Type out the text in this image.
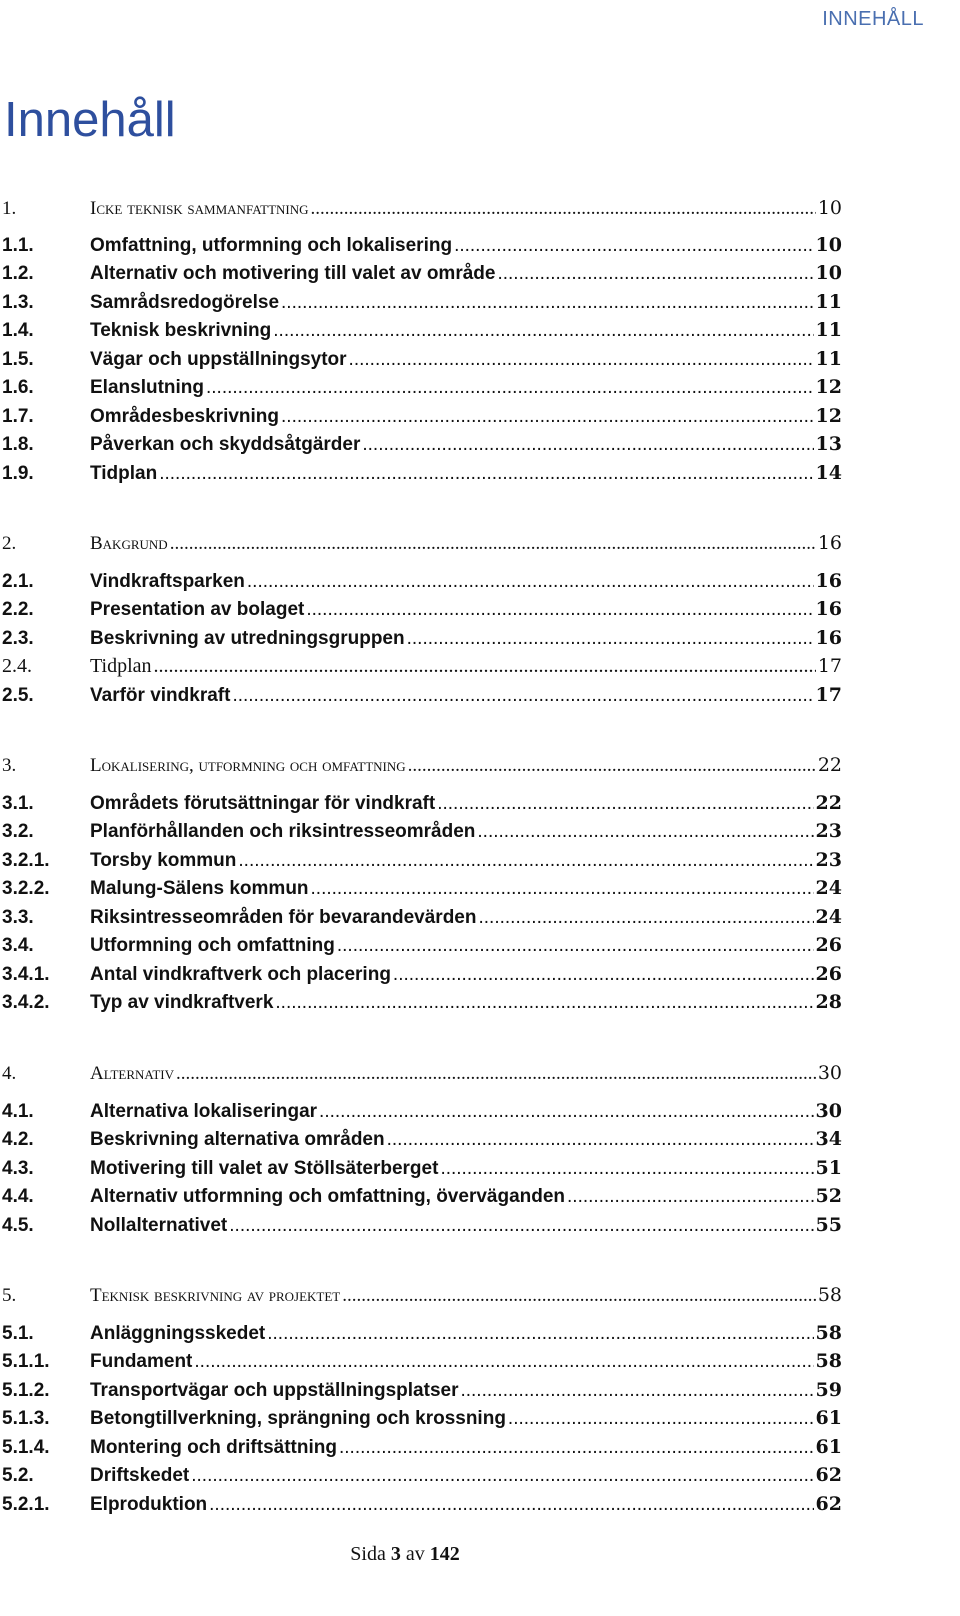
INNEHÅLL
Innehåll
1.	Icke teknisk sammanfattning .....	10
1.1.	Omfattning, utformning och lokalisering .....	10
1.2.	Alternativ och motivering till valet av område .....	10
1.3.	Samrådsredogörelse .....	11
1.4.	Teknisk beskrivning .....	11
1.5.	Vägar och uppställningsytor .....	11
1.6.	Elanslutning .....	12
1.7.	Områdesbeskrivning .....	12
1.8.	Påverkan och skyddsåtgärder .....	13
1.9.	Tidplan .....	14
2.	Bakgrund .....	16
2.1.	Vindkraftsparken .....	16
2.2.	Presentation av bolaget .....	16
2.3.	Beskrivning av utredningsgruppen .....	16
2.4.	Tidplan .....	17
2.5.	Varför vindkraft .....	17
3.	Lokalisering, utformning och omfattning .....	22
3.1.	Områdets förutsättningar för vindkraft .....	22
3.2.	Planförhållanden och riksintresseområden .....	23
3.2.1.	Torsby kommun .....	23
3.2.2.	Malung-Sälens kommun .....	24
3.3.	Riksintresseområden för bevarandevärden .....	24
3.4.	Utformning och omfattning .....	26
3.4.1.	Antal vindkraftverk och placering .....	26
3.4.2.	Typ av vindkraftverk .....	28
4.	Alternativ .....	30
4.1.	Alternativa lokaliseringar .....	30
4.2.	Beskrivning alternativa områden .....	34
4.3.	Motivering till valet av Stöllsäterberget .....	51
4.4.	Alternativ utformning och omfattning, överväganden .....	52
4.5.	Nollalternativet .....	55
5.	Teknisk beskrivning av projektet .....	58
5.1.	Anläggningsskedet .....	58
5.1.1.	Fundament .....	58
5.1.2.	Transportvägar och uppställningsplatser .....	59
5.1.3.	Betongtillverkning, sprängning och krossning .....	61
5.1.4.	Montering och driftsättning .....	61
5.2.	Driftskedet .....	62
5.2.1.	Elproduktion .....	62
Sida 3 av 142
